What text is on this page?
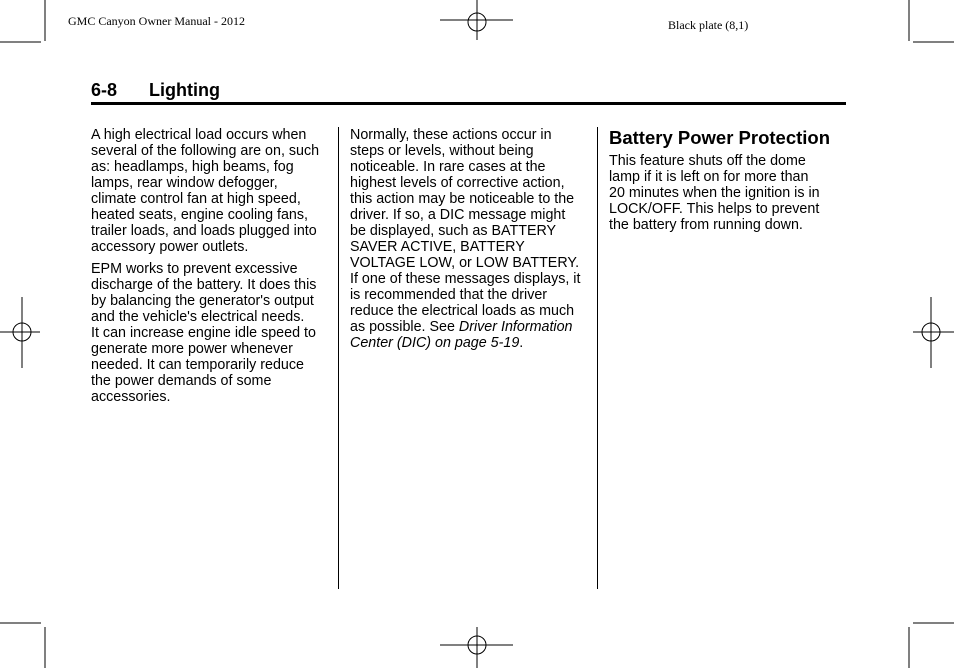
GMC Canyon Owner Manual - 2012	Black plate (8,1)
6-8 Lighting

A high electrical load occurs when
several of the following are on, such
as: headlamps, high beams, fog
lamps, rear window defogger,
climate control fan at high speed,
heated seats, engine cooling fans,
trailer loads, and loads plugged into
accessory power outlets.

EPM works to prevent excessive
discharge of the battery. It does this
by balancing the generator's output
and the vehicle's electrical needs.
It can increase engine idle speed to
generate more power whenever
needed. It can temporarily reduce
the power demands of some
accessories.

Normally, these actions occur in
steps or levels, without being
noticeable. In rare cases at the
highest levels of corrective action,
this action may be noticeable to the
driver. If so, a DIC message might
be displayed, such as BATTERY
SAVER ACTIVE, BATTERY
VOLTAGE LOW, or LOW BATTERY.
If one of these messages displays, it
is recommended that the driver
reduce the electrical loads as much
as possible. See Driver Information
Center (DIC) on page 5-19.

Battery Power Protection

This feature shuts off the dome
lamp if it is left on for more than
20 minutes when the ignition is in
LOCK/OFF. This helps to prevent
the battery from running down.
